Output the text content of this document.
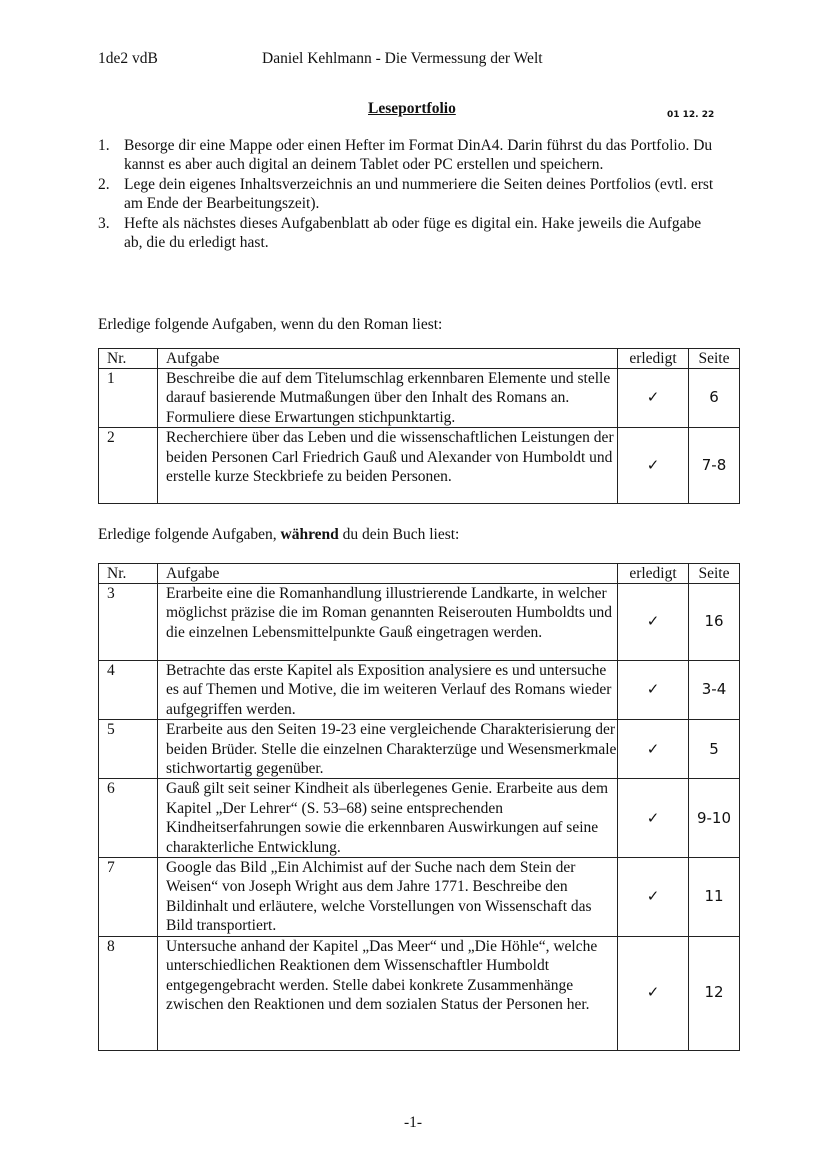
1de2 vdB	Daniel Kehlmann - Die Vermessung der Welt
Leseportfolio	01 12. 22
1. Besorge dir eine Mappe oder einen Hefter im Format DinA4. Darin führst du das Portfolio. Du kannst es aber auch digital an deinem Tablet oder PC erstellen und speichern.
2. Lege dein eigenes Inhaltsverzeichnis an und nummeriere die Seiten deines Portfolios (evtl. erst am Ende der Bearbeitungszeit).
3. Hefte als nächstes dieses Aufgabenblatt ab oder füge es digital ein. Hake jeweils die Aufgabe ab, die du erledigt hast.
Erledige folgende Aufgaben, wenn du den Roman liest:
Nr.	Aufgabe	erledigt	Seite
1	Beschreibe die auf dem Titelumschlag erkennbaren Elemente und stelle darauf basierende Mutmaßungen über den Inhalt des Romans an. Formuliere diese Erwartungen stichpunktartig.	✓	6
2	Recherchiere über das Leben und die wissenschaftlichen Leistungen der beiden Personen Carl Friedrich Gauß und Alexander von Humboldt und erstelle kurze Steckbriefe zu beiden Personen.	✓	7-8
Erledige folgende Aufgaben, während du dein Buch liest:
Nr.	Aufgabe	erledigt	Seite
3	Erarbeite eine die Romanhandlung illustrierende Landkarte, in welcher möglichst präzise die im Roman genannten Reiserouten Humboldts und die einzelnen Lebensmittelpunkte Gauß eingetragen werden.	✓	16
4	Betrachte das erste Kapitel als Exposition analysiere es und untersuche es auf Themen und Motive, die im weiteren Verlauf des Romans wieder aufgegriffen werden.	✓	3-4
5	Erarbeite aus den Seiten 19-23 eine vergleichende Charakterisierung der beiden Brüder. Stelle die einzelnen Charakterzüge und Wesensmerkmale stichwortartig gegenüber.	✓	5
6	Gauß gilt seit seiner Kindheit als überlegenes Genie. Erarbeite aus dem Kapitel „Der Lehrer“ (S. 53–68) seine entsprechenden Kindheitserfahrungen sowie die erkennbaren Auswirkungen auf seine charakterliche Entwicklung.	✓	9-10
7	Google das Bild „Ein Alchimist auf der Suche nach dem Stein der Weisen“ von Joseph Wright aus dem Jahre 1771. Beschreibe den Bildinhalt und erläutere, welche Vorstellungen von Wissenschaft das Bild transportiert.	✓	11
8	Untersuche anhand der Kapitel „Das Meer“ und „Die Höhle“, welche unterschiedlichen Reaktionen dem Wissenschaftler Humboldt entgegengebracht werden. Stelle dabei konkrete Zusammenhänge zwischen den Reaktionen und dem sozialen Status der Personen her.	✓	12
-1-
